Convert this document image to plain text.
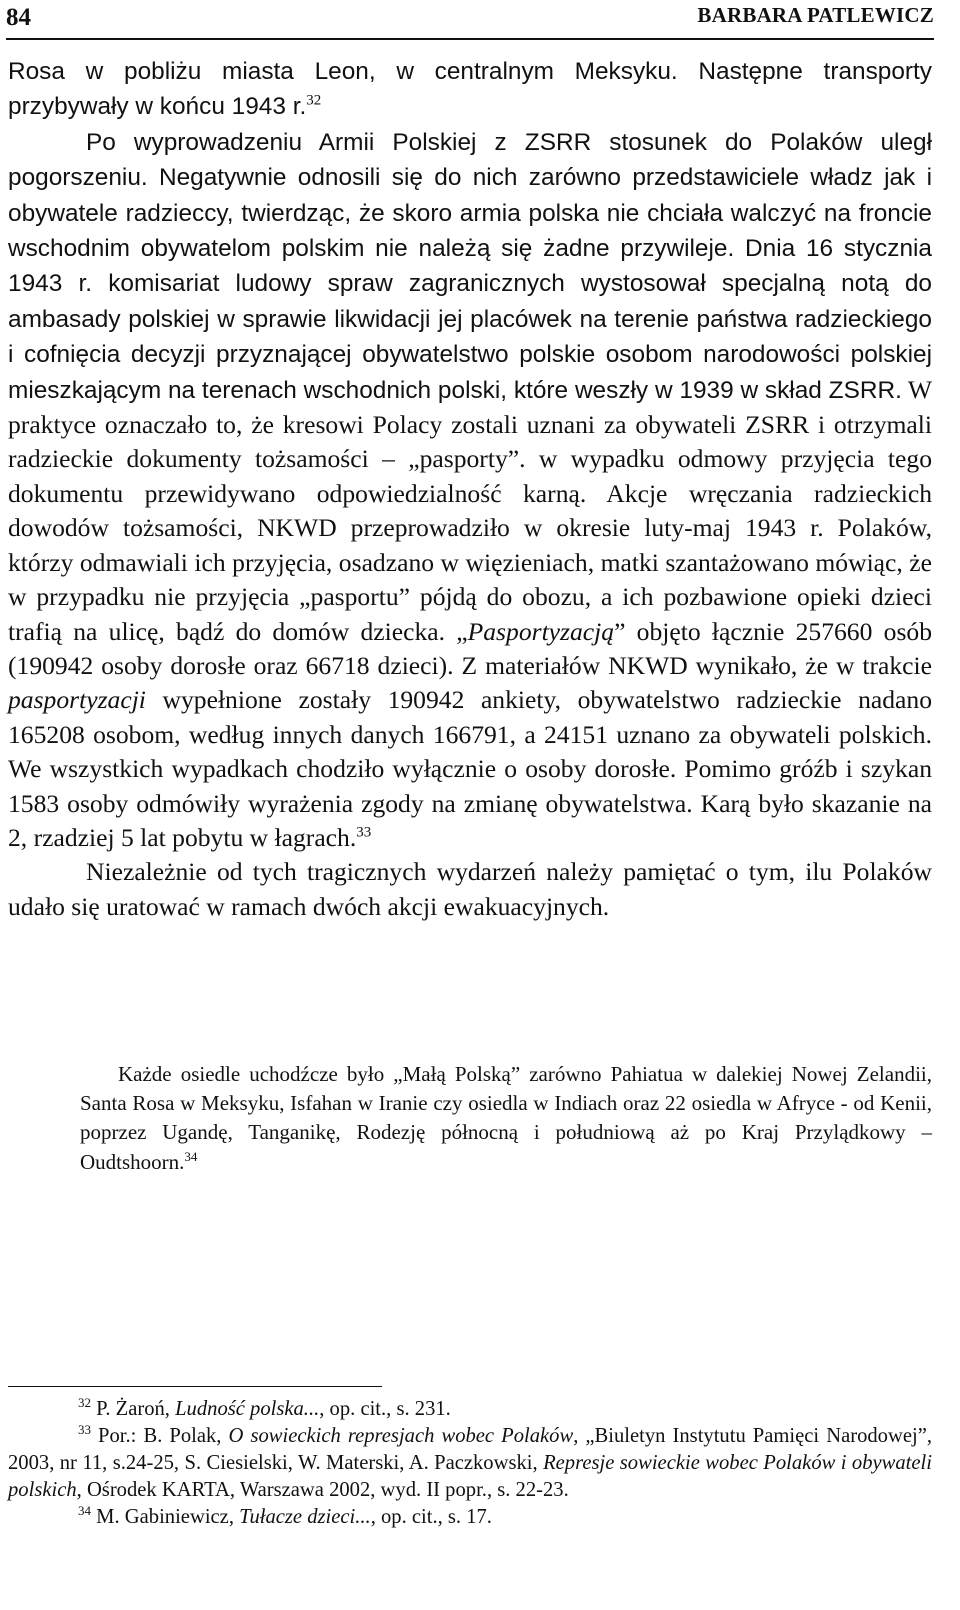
84	BARBARA PATLEWICZ

Rosa w pobliżu miasta Leon, w centralnym Meksyku. Następne transporty przybywały w końcu 1943 r.$^{32}$

Po wyprowadzeniu Armii Polskiej z ZSRR stosunek do Polaków uległ pogorszeniu. Negatywnie odnosili się do nich zarówno przedstawiciele władz jak i obywatele radzieccy, twierdząc, że skoro armia polska nie chciała walczyć na froncie wschodnim obywatelom polskim nie należą się żadne przywileje. Dnia 16 stycznia 1943 r. komisariat ludowy spraw zagranicznych wystosował specjalną notą do ambasady polskiej w sprawie likwidacji jej placówek na terenie państwa radzieckiego i cofnięcia decyzji przyznającej obywatelstwo polskie osobom narodowości polskiej mieszkającym na terenach wschodnich polski, które weszły w 1939 w skład ZSRR. W praktyce oznaczało to, że kresowi Polacy zostali uznani za obywateli ZSRR i otrzymali radzieckie dokumenty tożsamości – „pasporty”. w wypadku odmowy przyjęcia tego dokumentu przewidywano odpowiedzialność karną. Akcje wręczania radzieckich dowodów tożsamości, NKWD przeprowadziło w okresie luty-maj 1943 r. Polaków, którzy odmawiali ich przyjęcia, osadzano w więzieniach, matki szantażowano mówiąc, że w przypadku nie przyjęcia „pasportu” pójdą do obozu, a ich pozbawione opieki dzieci trafią na ulicę, bądź do domów dziecka. „Pasportyzacją” objęto łącznie 257660 osób (190942 osoby dorosłe oraz 66718 dzieci). Z materiałów NKWD wynikało, że w trakcie pasportyzacji wypełnione zostały 190942 ankiety, obywatelstwo radzieckie nadano 165208 osobom, według innych danych 166791, a 24151 uznano za obywateli polskich. We wszystkich wypadkach chodziło wyłącznie o osoby dorosłe. Pomimo gróźb i szykan 1583 osoby odmówiły wyrażenia zgody na zmianę obywatelstwa. Karą było skazanie na 2, rzadziej 5 lat pobytu w łagrach.$^{33}$

Niezależnie od tych tragicznych wydarzeń należy pamiętać o tym, ilu Polaków udało się uratować w ramach dwóch akcji ewakuacyjnych.

Każde osiedle uchodźcze było „Małą Polską” zarówno Pahiatua w dalekiej Nowej Zelandii, Santa Rosa w Meksyku, Isfahan w Iranie czy osiedla w Indiach oraz 22 osiedla w Afryce - od Kenii, poprzez Ugandę, Tanganikę, Rodezję północną i południową aż po Kraj Przylądkowy – Oudtshoorn.$^{34}$

$^{32}$ P. Żaroń, Ludność polska..., op. cit., s. 231.

$^{33}$ Por.: B. Polak, O sowieckich represjach wobec Polaków, „Biuletyn Instytutu Pamięci Narodowej”, 2003, nr 11, s.24-25, S. Ciesielski, W. Materski, A. Paczkowski, Represje sowieckie wobec Polaków i obywateli polskich, Ośrodek KARTA, Warszawa 2002, wyd. II popr., s. 22-23.

$^{34}$ M. Gabiniewicz, Tułacze dzieci..., op. cit., s. 17.
